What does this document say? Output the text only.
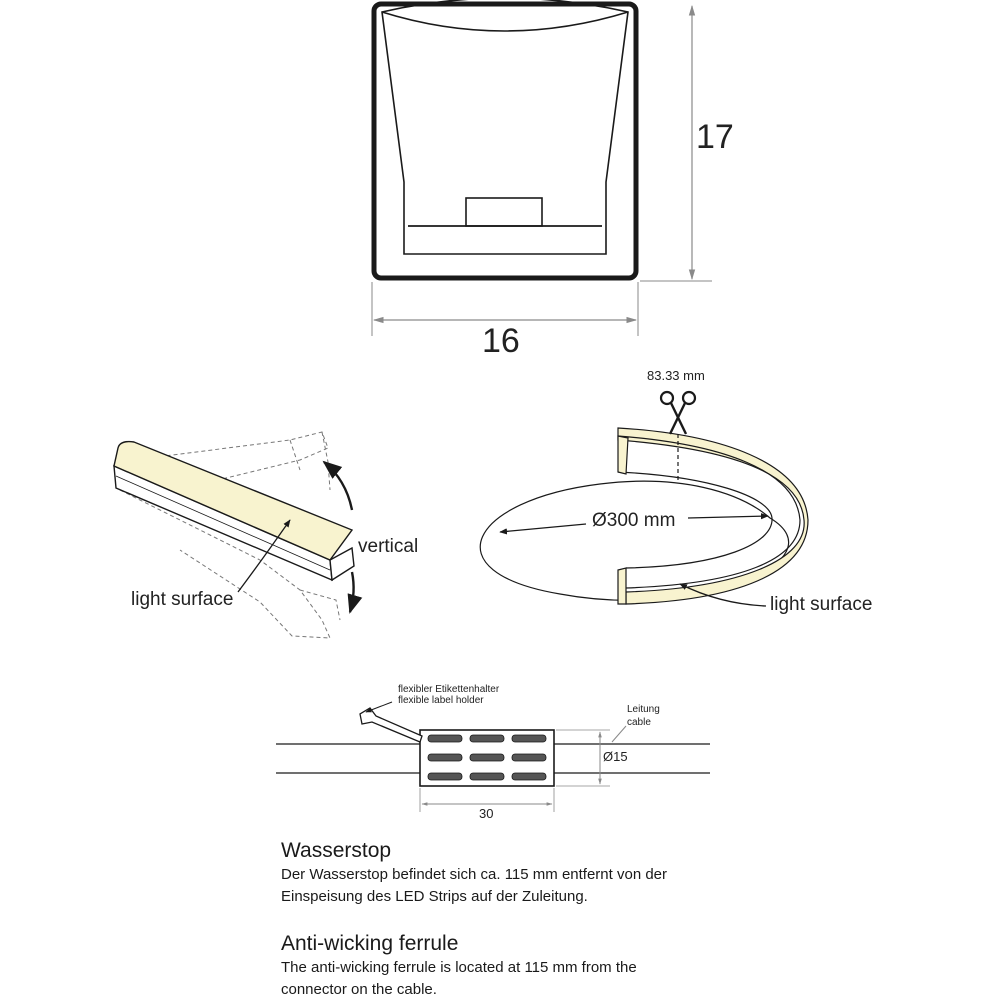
17
16
vertical
light surface
83.33 mm
Ø300 mm
light surface
flexibler Etikettenhalter
flexible label holder
Leitung
cable
Ø15
30
Wasserstop
Der Wasserstop befindet sich ca. 115 mm entfernt von der Einspeisung des LED Strips auf der Zuleitung.
Anti-wicking ferrule
The anti-wicking ferrule is located at 115 mm from the connector on the cable.
